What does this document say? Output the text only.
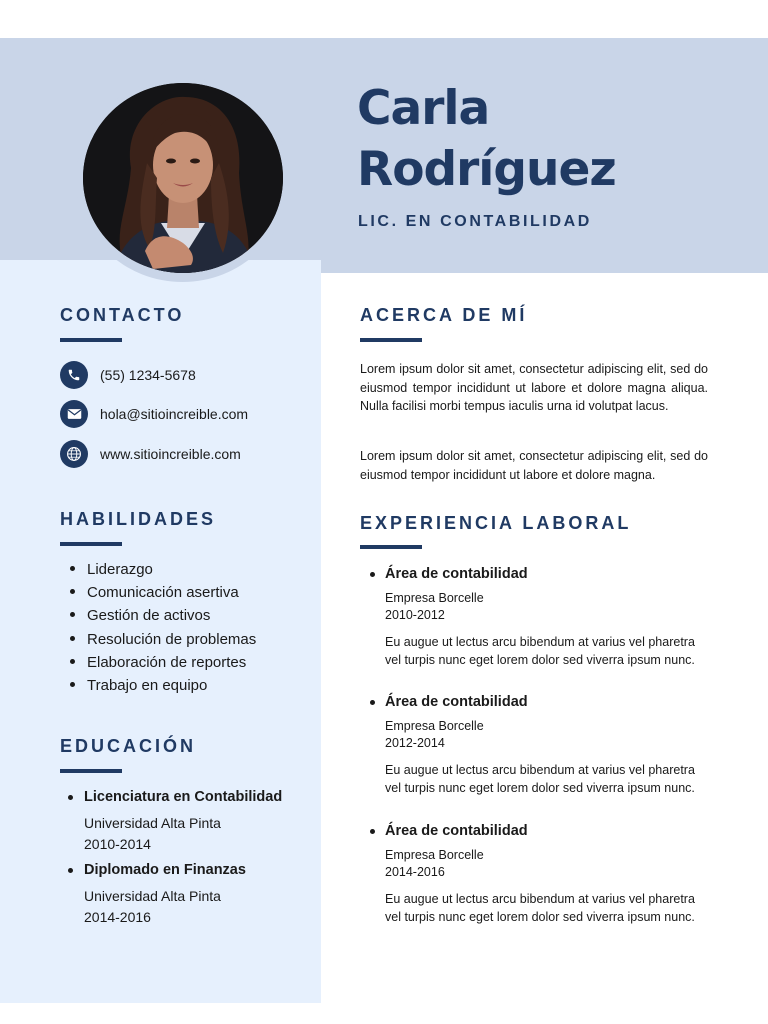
Carla
Rodríguez
LIC. EN CONTABILIDAD
CONTACTO
(55) 1234-5678
hola@sitioincreible.com
www.sitioincreible.com
HABILIDADES
Liderazgo
Comunicación asertiva
Gestión de activos
Resolución de problemas
Elaboración de reportes
Trabajo en equipo
EDUCACIÓN
Licenciatura en Contabilidad
Universidad Alta Pinta
2010-2014
Diplomado en Finanzas
Universidad Alta Pinta
2014-2016
ACERCA DE MÍ

Lorem ipsum dolor sit amet, consectetur adipiscing elit, sed do eiusmod tempor incididunt ut labore et dolore magna aliqua. Nulla facilisi morbi tempus iaculis urna id volutpat lacus.

Lorem ipsum dolor sit amet, consectetur adipiscing elit, sed do eiusmod tempor incididunt ut labore et dolore magna.

EXPERIENCIA LABORAL
Área de contabilidad
Empresa Borcelle
2010-2012
Eu augue ut lectus arcu bibendum at varius vel pharetra vel turpis nunc eget lorem dolor sed viverra ipsum nunc.
Área de contabilidad
Empresa Borcelle
2012-2014
Eu augue ut lectus arcu bibendum at varius vel pharetra vel turpis nunc eget lorem dolor sed viverra ipsum nunc.
Área de contabilidad
Empresa Borcelle
2014-2016
Eu augue ut lectus arcu bibendum at varius vel pharetra vel turpis nunc eget lorem dolor sed viverra ipsum nunc.
